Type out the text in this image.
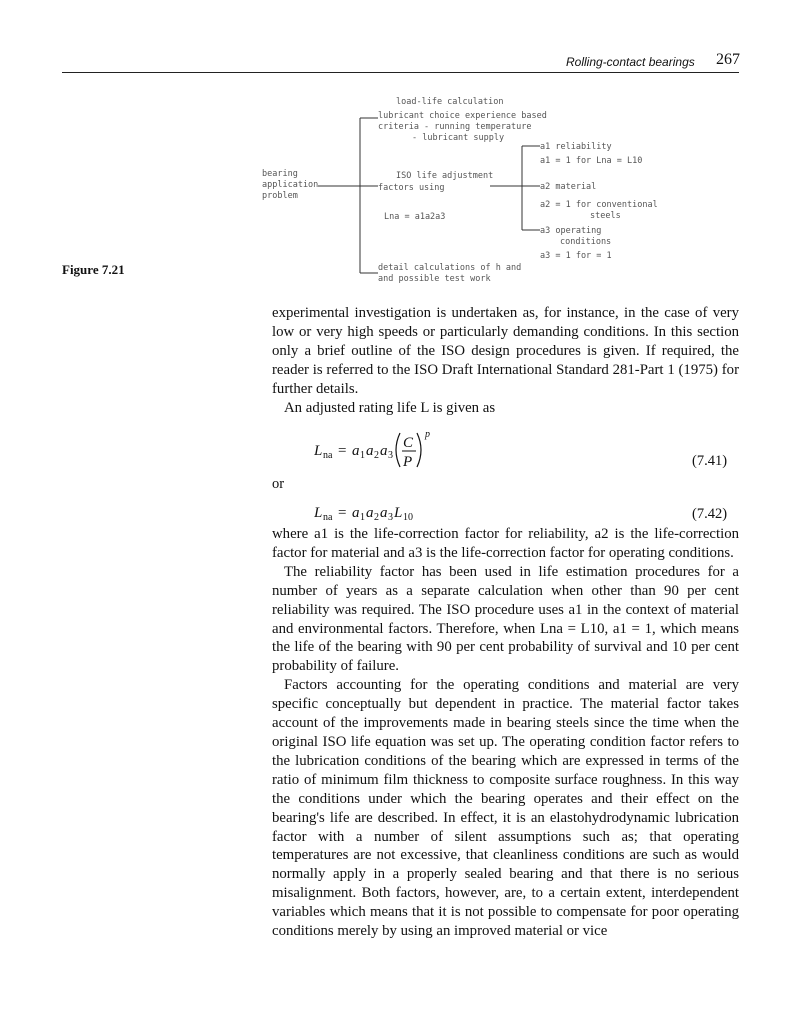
Rolling-contact bearings 267
bearing
application
problem
load-life calculation
lubricant choice experience based
criteria - running temperature
- lubricant supply
ISO life adjustment
factors using
Lna = a1a2a3
detail calculations of h and
and possible test work
a1 reliability
a1 = 1 for Lna = L10
a2 material
a2 = 1 for conventional
steels
a3 operating
conditions
a3 = 1 for = 1
Figure 7.21

experimental investigation is undertaken as, for instance, in the case of very low or very high speeds or particularly demanding conditions. In this section only a brief outline of the ISO design procedures is given. If required, the reader is referred to the ISO Draft International Standard 281-Part 1 (1975) for further details.

An adjusted rating life L is given as

L na = a 1 a 2 a 3
C
P
p
(7.41)
or
L na = a 1 a 2 a 3 L 10	(7.42)

where a1 is the life-correction factor for reliability, a2 is the life-correction factor for material and a3 is the life-correction factor for operating conditions.

The reliability factor has been used in life estimation procedures for a number of years as a separate calculation when other than 90 per cent reliability was required. The ISO procedure uses a1 in the context of material and environmental factors. Therefore, when Lna = L10, a1 = 1, which means the life of the bearing with 90 per cent probability of survival and 10 per cent probability of failure.

Factors accounting for the operating conditions and material are very specific conceptually but dependent in practice. The material factor takes account of the improvements made in bearing steels since the time when the original ISO life equation was set up. The operating condition factor refers to the lubrication conditions of the bearing which are expressed in terms of the ratio of minimum film thickness to composite surface roughness. In this way the conditions under which the bearing operates and their effect on the bearing's life are described. In effect, it is an elastohydrodynamic lubrication factor with a number of silent assumptions such as; that operating temperatures are not excessive, that cleanliness conditions are such as would normally apply in a properly sealed bearing and that there is no serious misalignment. Both factors, however, are, to a certain extent, interdependent variables which means that it is not possible to compensate for poor operating conditions merely by using an improved material or vice
